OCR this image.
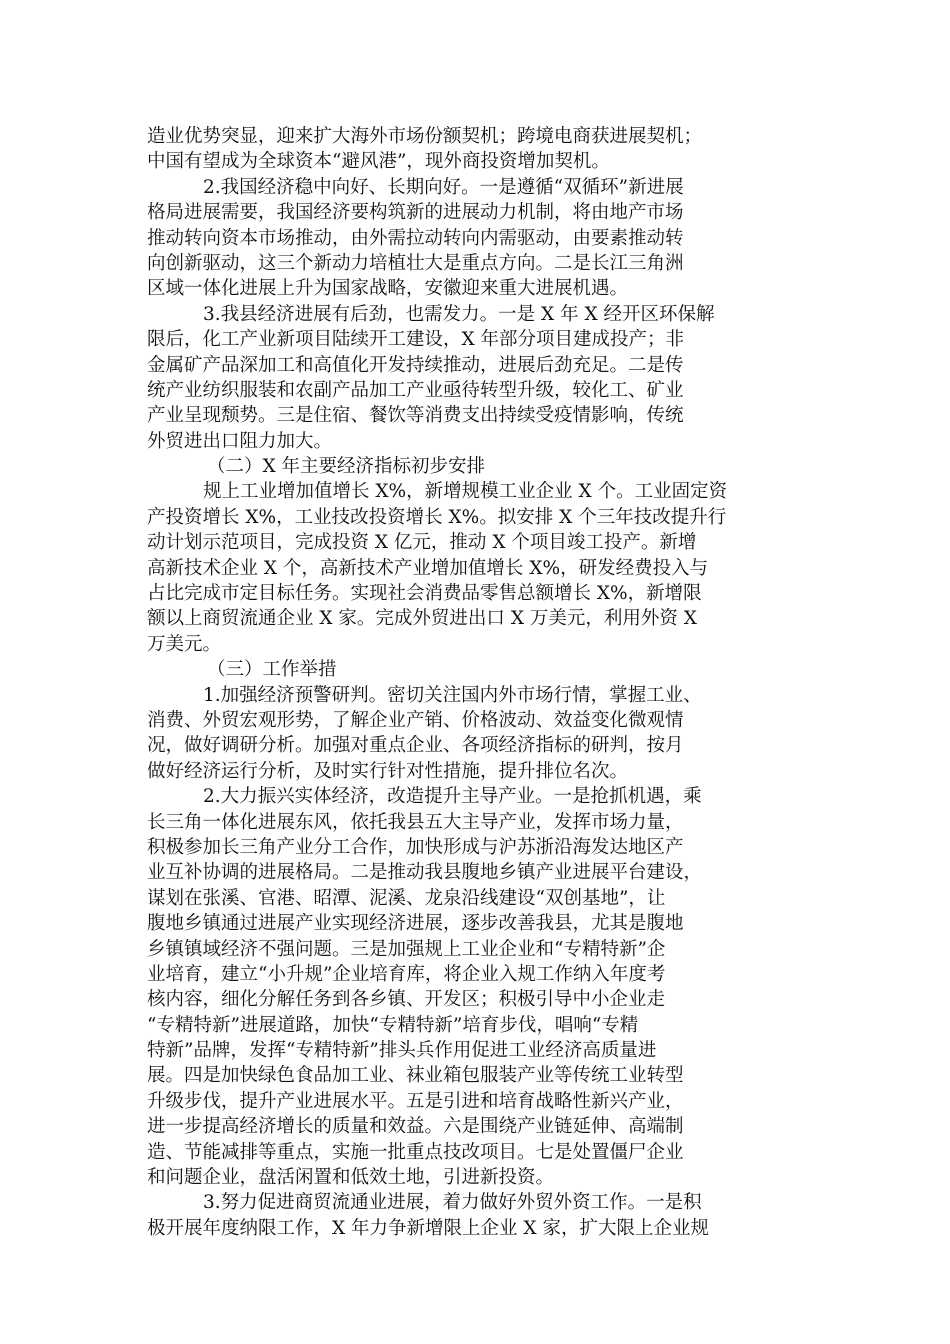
造业优势突显，迎来扩大海外市场份额契机；跨境电商获进展契机；
中国有望成为全球资本“避风港”，现外商投资增加契机。
2.我国经济稳中向好、长期向好。一是遵循“双循环”新进展
格局进展需要，我国经济要构筑新的进展动力机制，将由地产市场
推动转向资本市场推动，由外需拉动转向内需驱动，由要素推动转
向创新驱动，这三个新动力培植壮大是重点方向。二是长江三角洲
区域一体化进展上升为国家战略，安徽迎来重大进展机遇。
3.我县经济进展有后劲，也需发力。一是 X 年 X 经开区环保解
限后，化工产业新项目陆续开工建设，X 年部分项目建成投产；非
金属矿产品深加工和高值化开发持续推动，进展后劲充足。二是传
统产业纺织服装和农副产品加工产业亟待转型升级，较化工、矿业
产业呈现颓势。三是住宿、餐饮等消费支出持续受疫情影响，传统
外贸进出口阻力加大。
（二）X 年主要经济指标初步安排
规上工业增加值增长 X%，新增规模工业企业 X 个。工业固定资
产投资增长 X%，工业技改投资增长 X%。拟安排 X 个三年技改提升行
动计划示范项目，完成投资 X 亿元，推动 X 个项目竣工投产。新增
高新技术企业 X 个，高新技术产业增加值增长 X%，研发经费投入与
占比完成市定目标任务。实现社会消费品零售总额增长 X%，新增限
额以上商贸流通企业 X 家。完成外贸进出口 X 万美元，利用外资 X
万美元。
（三）工作举措
1.加强经济预警研判。密切关注国内外市场行情，掌握工业、
消费、外贸宏观形势，了解企业产销、价格波动、效益变化微观情
况，做好调研分析。加强对重点企业、各项经济指标的研判，按月
做好经济运行分析，及时实行针对性措施，提升排位名次。
2.大力振兴实体经济，改造提升主导产业。一是抢抓机遇，乘
长三角一体化进展东风，依托我县五大主导产业，发挥市场力量，
积极参加长三角产业分工合作，加快形成与沪苏浙沿海发达地区产
业互补协调的进展格局。二是推动我县腹地乡镇产业进展平台建设，
谋划在张溪、官港、昭潭、泥溪、龙泉沿线建设“双创基地”，让
腹地乡镇通过进展产业实现经济进展，逐步改善我县，尤其是腹地
乡镇镇域经济不强问题。三是加强规上工业企业和“专精特新”企
业培育，建立“小升规”企业培育库，将企业入规工作纳入年度考
核内容，细化分解任务到各乡镇、开发区；积极引导中小企业走
“专精特新”进展道路，加快“专精特新”培育步伐，唱响“专精
特新”品牌，发挥“专精特新”排头兵作用促进工业经济高质量进
展。四是加快绿色食品加工业、袜业箱包服装产业等传统工业转型
升级步伐，提升产业进展水平。五是引进和培育战略性新兴产业，
进一步提高经济增长的质量和效益。六是围绕产业链延伸、高端制
造、节能减排等重点，实施一批重点技改项目。七是处置僵尸企业
和问题企业，盘活闲置和低效土地，引进新投资。
3.努力促进商贸流通业进展，着力做好外贸外资工作。一是积
极开展年度纳限工作，X 年力争新增限上企业 X 家，扩大限上企业规
